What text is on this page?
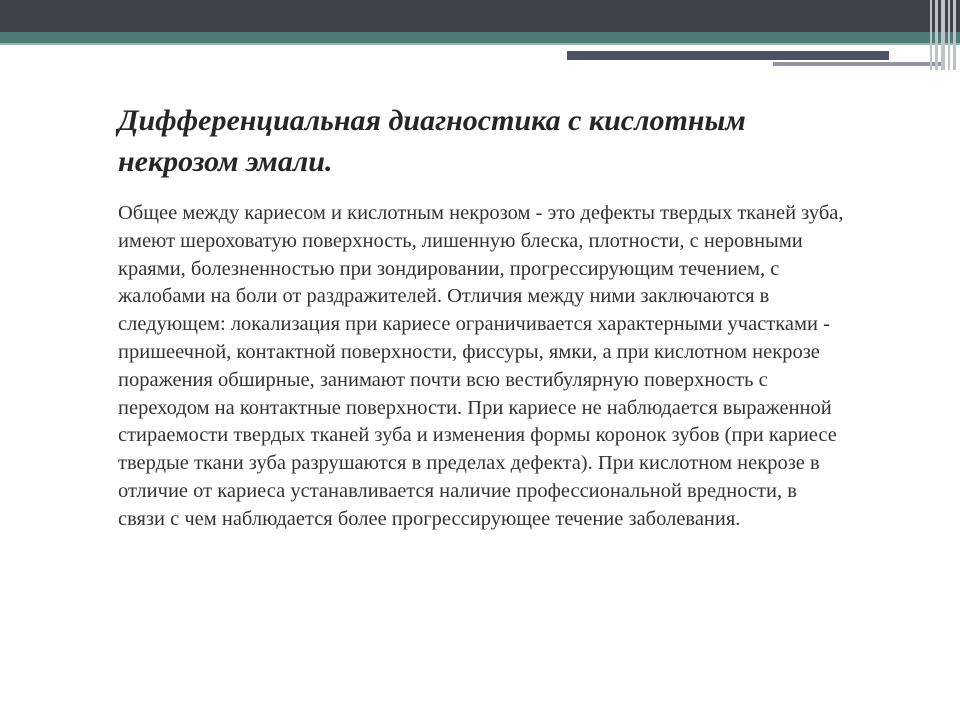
Дифференциальная диагностика с кислотным некрозом эмали.

Общее между кариесом и кислотным некрозом - это дефекты твердых тканей зуба, имеют шероховатую поверхность, лишенную блеска, плотности, с неровными краями, болезненностью при зондировании, прогрессирующим течением, с жалобами на боли от раздражителей. Отличия между ними заключаются в следующем: локализация при кариесе ограничивается характерными участками - пришеечной, контактной поверхности, фиссуры, ямки, а при кислотном некрозе поражения обширные, занимают почти всю вестибулярную поверхность с переходом на контактные поверхности. При кариесе не наблюдается выраженной стираемости твердых тканей зуба и изменения формы коронок зубов (при кариесе твердые ткани зуба разрушаются в пределах дефекта). При кислотном некрозе в отличие от кариеса устанавливается наличие профессиональной вредности, в связи с чем наблюдается более прогрессирующее течение заболевания.
